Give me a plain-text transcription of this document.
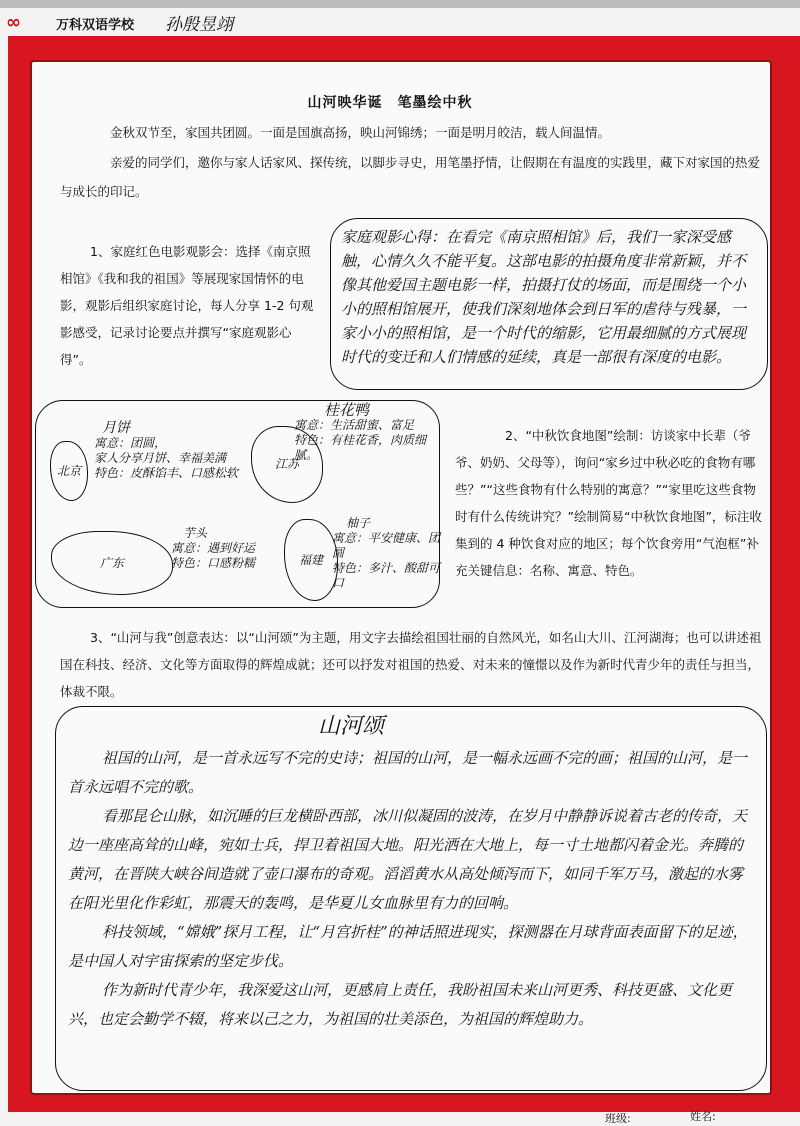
∞	万科双语学校 孙殷昱翊
山河映华诞　笔墨绘中秋
金秋双节至，家国共团圆。一面是国旗高扬，映山河锦绣；一面是明月皎洁，载人间温情。
亲爱的同学们，邀你与家人话家风、探传统，以脚步寻史，用笔墨抒情，让假期在有温度的实践里，藏下对家国的热爱与成长的印记。
1、家庭红色电影观影会：选择《南京照相馆》《我和我的祖国》等展现家国情怀的电影，观影后组织家庭讨论，每人分享 1-2 句观影感受，记录讨论要点并撰写“家庭观影心得”。
家庭观影心得：在看完《南京照相馆》后，我们一家深受感触，心情久久不能平复。这部电影的拍摄角度非常新颖，并不像其他爱国主题电影一样，拍摄打仗的场面，而是围绕一个小小的照相馆展开，使我们深刻地体会到日军的虐待与残暴，一家小小的照相馆，是一个时代的缩影，它用最细腻的方式展现时代的变迁和人们情感的延续，真是一部很有深度的电影。
北京
月饼
寓意：团圆，
家人分享月饼、幸福美满
特色：皮酥馅丰、口感松软
江苏
桂花鸭
寓意：生活甜蜜、富足
特色：有桂花香，肉质细腻。
广东
芋头
寓意：遇到好运
特色：口感粉糯	福建
柚子
寓意：平安健康、团圆
特色：多汁、酸甜可口
2、“中秋饮食地图”绘制：访谈家中长辈（爷爷、奶奶、父母等），询问“家乡过中秋必吃的食物有哪些？”“这些食物有什么特别的寓意？”“家里吃这些食物时有什么传统讲究？”绘制简易“中秋饮食地图”，标注收集到的 4 种饮食对应的地区；每个饮食旁用“气泡框”补充关键信息：名称、寓意、特色。
3、“山河与我”创意表达：以“山河颂”为主题，用文字去描绘祖国壮丽的自然风光，如名山大川、江河湖海；也可以讲述祖国在科技、经济、文化等方面取得的辉煌成就；还可以抒发对祖国的热爱、对未来的憧憬以及作为新时代青少年的责任与担当，体裁不限。
山河颂
祖国的山河，是一首永远写不完的史诗；祖国的山河，是一幅永远画不完的画；祖国的山河，是一首永远唱不完的歌。
看那昆仑山脉，如沉睡的巨龙横卧西部，冰川似凝固的波涛，在岁月中静静诉说着古老的传奇，天边一座座高耸的山峰，宛如士兵，捍卫着祖国大地。阳光洒在大地上，每一寸土地都闪着金光。奔腾的黄河，在晋陕大峡谷间造就了壶口瀑布的奇观。滔滔黄水从高处倾泻而下，如同千军万马，激起的水雾在阳光里化作彩虹，那震天的轰鸣，是华夏儿女血脉里有力的回响。
科技领域，“嫦娥”探月工程，让“月宫折桂”的神话照进现实，探测器在月球背面表面留下的足迹，是中国人对宇宙探索的坚定步伐。
作为新时代青少年，我深爱这山河，更感肩上责任，我盼祖国未来山河更秀、科技更盛、文化更兴，也定会勤学不辍，将来以己之力，为祖国的壮美添色，为祖国的辉煌助力。
班级:	姓名:
